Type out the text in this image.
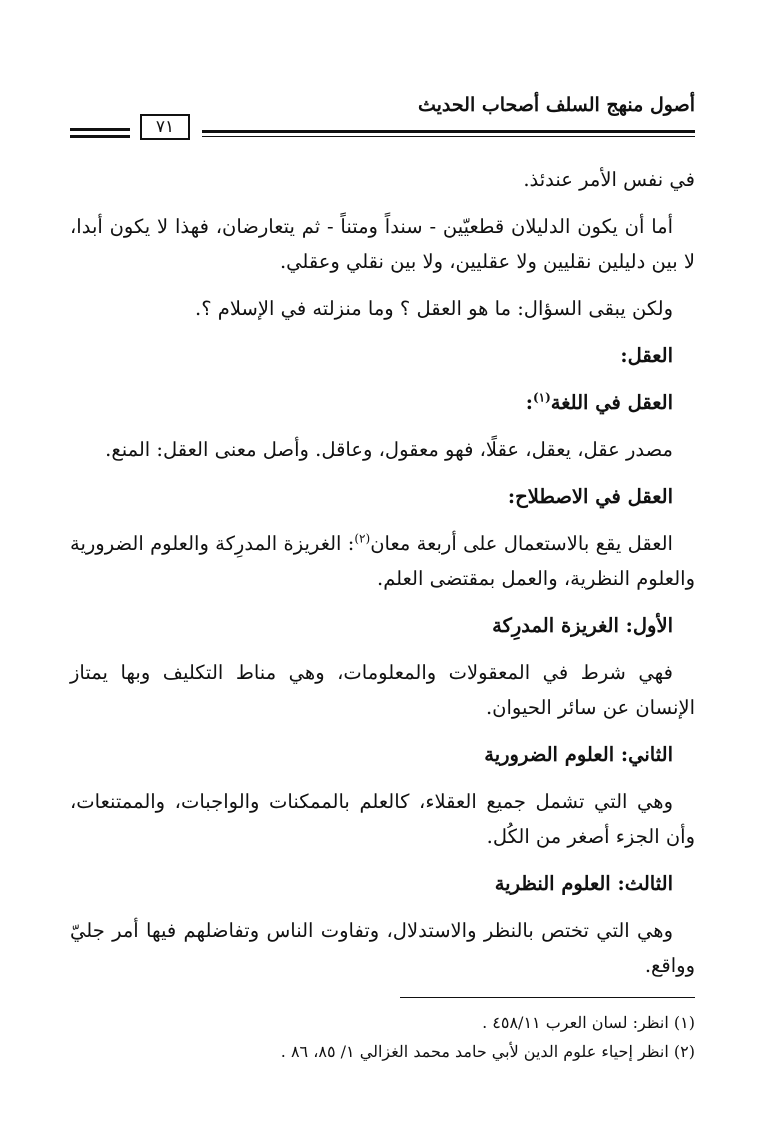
أصول منهج السلف أصحاب الحديث
٧١

في نفس الأمر عندئذ.

أما أن يكون الدليلان قطعيّين - سنداً ومتناً - ثم يتعارضان، فهذا لا يكون أبدا، لا بين دليلين نقليين ولا عقليين، ولا بين نقلي وعقلي.

ولكن يبقى السؤال: ما هو العقل ؟ وما منزلته في الإسلام ؟.

العقل:
العقل في اللغة$^{(١)}$:

مصدر عقل، يعقل، عقلًا، فهو معقول، وعاقل. وأصل معنى العقل: المنع.

العقل في الاصطلاح:

العقل يقع بالاستعمال على أربعة معان$^{(٢)}$: الغريزة المدرِكة والعلوم الضرورية والعلوم النظرية، والعمل بمقتضى العلم.

الأول: الغريزة المدرِكة

فهي شرط في المعقولات والمعلومات، وهي مناط التكليف وبها يمتاز الإنسان عن سائر الحيوان.

الثاني: العلوم الضرورية

وهي التي تشمل جميع العقلاء، كالعلم بالممكنات والواجبات، والممتنعات، وأن الجزء أصغر من الكُل.

الثالث: العلوم النظرية

وهي التي تختص بالنظر والاستدلال، وتفاوت الناس وتفاضلهم فيها أمر جليّ وواقع.

(١) انظر: لسان العرب ٤٥٨/١١ .
(٢) انظر إحياء علوم الدين لأبي حامد محمد الغزالي ١/ ٨٥، ٨٦ .
